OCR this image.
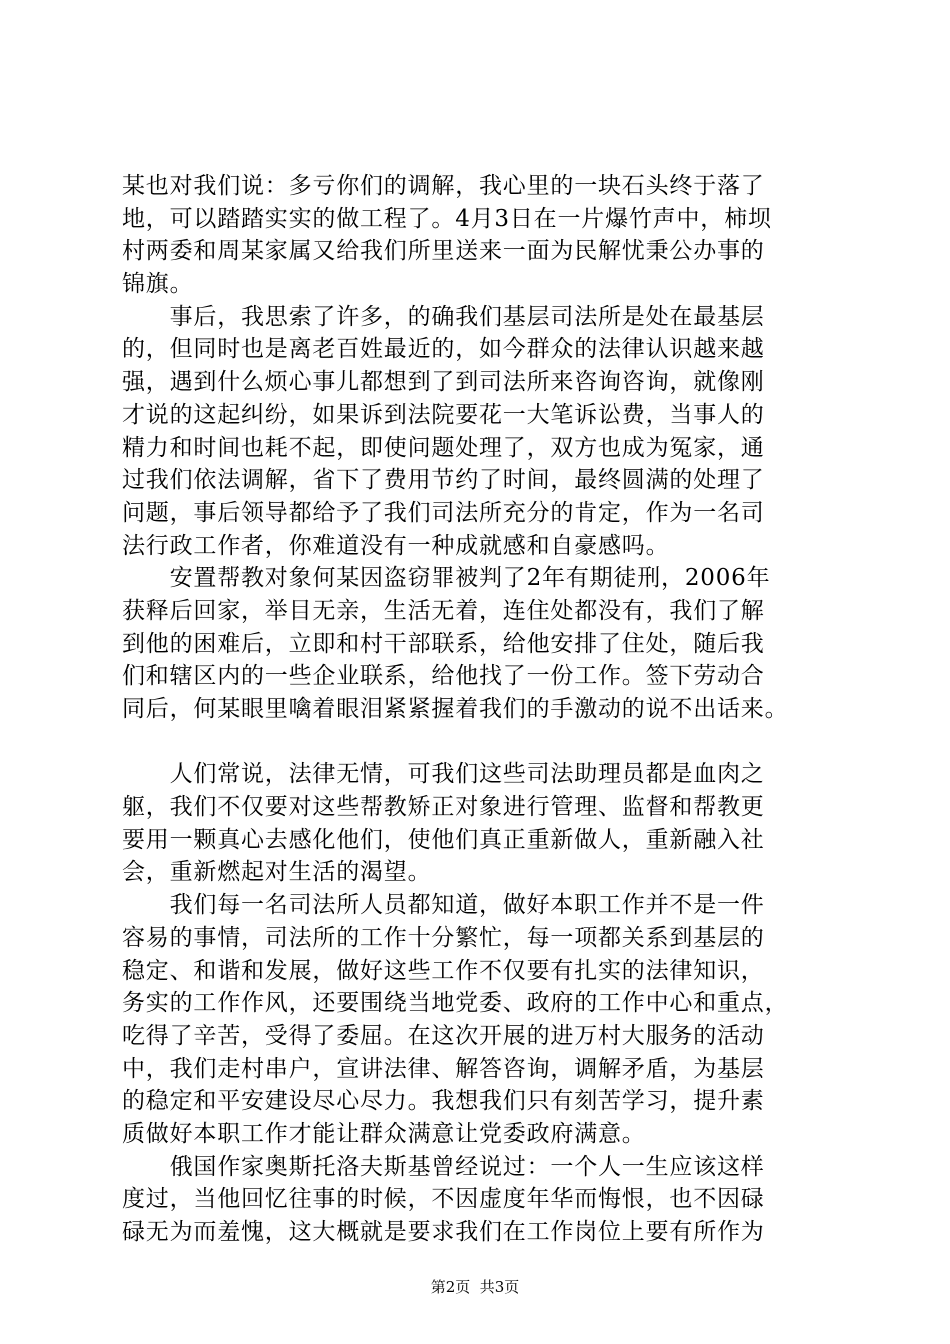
某也对我们说：多亏你们的调解，我心里的一块石头终于落了
地，可以踏踏实实的做工程了。4月3日在一片爆竹声中，柿坝
村两委和周某家属又给我们所里送来一面为民解忧秉公办事的
锦旗。
　　事后，我思索了许多，的确我们基层司法所是处在最基层
的，但同时也是离老百姓最近的，如今群众的法律认识越来越
强，遇到什么烦心事儿都想到了到司法所来咨询咨询，就像刚
才说的这起纠纷，如果诉到法院要花一大笔诉讼费，当事人的
精力和时间也耗不起，即使问题处理了，双方也成为冤家，通
过我们依法调解，省下了费用节约了时间，最终圆满的处理了
问题，事后领导都给予了我们司法所充分的肯定，作为一名司
法行政工作者，你难道没有一种成就感和自豪感吗。
　　安置帮教对象何某因盗窃罪被判了2年有期徒刑，2006年
获释后回家，举目无亲，生活无着，连住处都没有，我们了解
到他的困难后，立即和村干部联系，给他安排了住处，随后我
们和辖区内的一些企业联系，给他找了一份工作。签下劳动合
同后，何某眼里噙着眼泪紧紧握着我们的手激动的说不出话来。
　　人们常说，法律无情，可我们这些司法助理员都是血肉之
躯，我们不仅要对这些帮教矫正对象进行管理、监督和帮教更
要用一颗真心去感化他们，使他们真正重新做人，重新融入社
会，重新燃起对生活的渴望。
　　我们每一名司法所人员都知道，做好本职工作并不是一件
容易的事情，司法所的工作十分繁忙，每一项都关系到基层的
稳定、和谐和发展，做好这些工作不仅要有扎实的法律知识，
务实的工作作风，还要围绕当地党委、政府的工作中心和重点，
吃得了辛苦，受得了委屈。在这次开展的进万村大服务的活动
中，我们走村串户，宣讲法律、解答咨询，调解矛盾，为基层
的稳定和平安建设尽心尽力。我想我们只有刻苦学习，提升素
质做好本职工作才能让群众满意让党委政府满意。
　　俄国作家奥斯托洛夫斯基曾经说过：一个人一生应该这样
度过，当他回忆往事的时候，不因虚度年华而悔恨，也不因碌
碌无为而羞愧，这大概就是要求我们在工作岗位上要有所作为
第2页  共3页
